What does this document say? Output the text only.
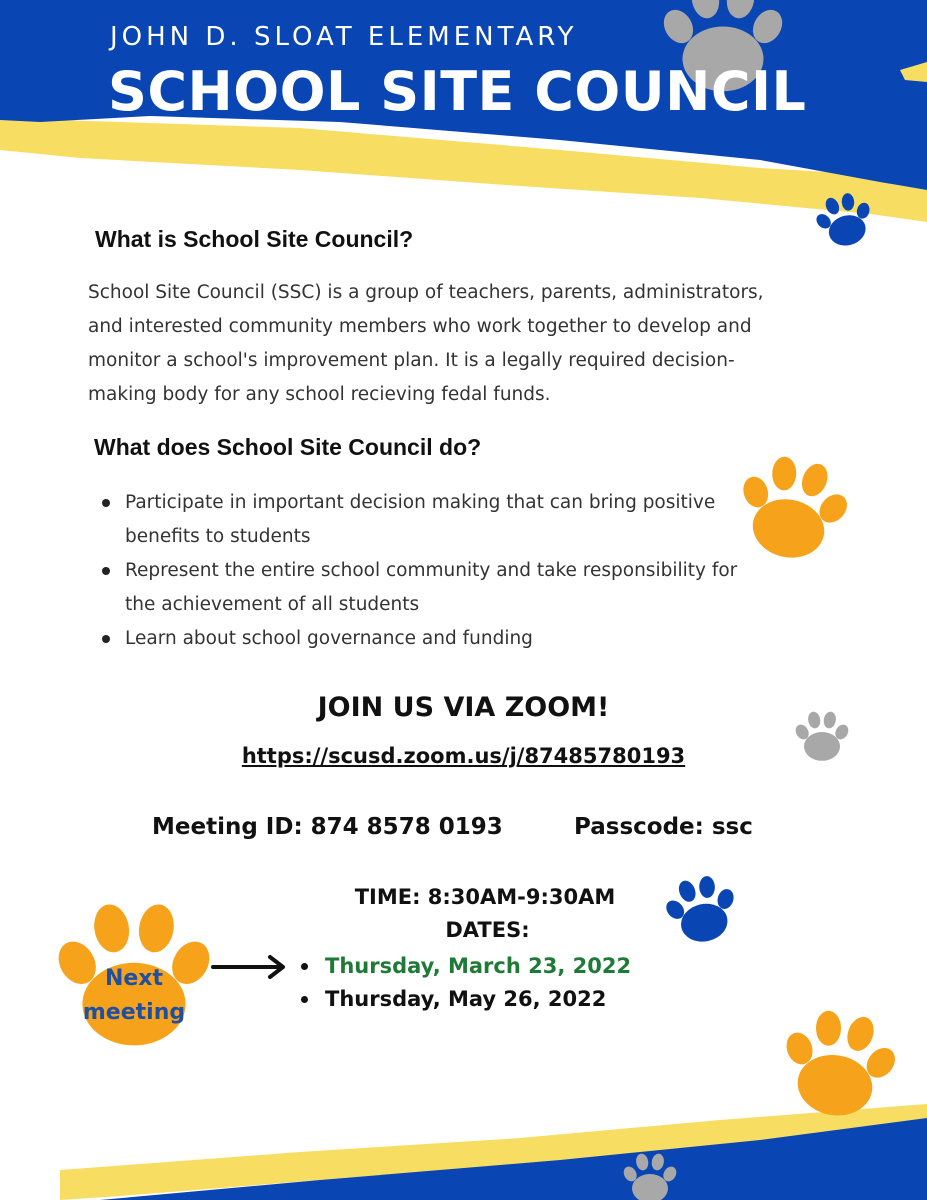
JOHN D. SLOAT ELEMENTARY
SCHOOL SITE COUNCIL
What is School Site Council?
School Site Council (SSC) is a group of teachers, parents, administrators,
and interested community members who work together to develop and
monitor a school's improvement plan. It is a legally required decision-
making body for any school recieving fedal funds.
What does School Site Council do?
Participate in important decision making that can bring positive
benefits to students
Represent the entire school community and take responsibility for
the achievement of all students
Learn about school governance and funding
JOIN US VIA ZOOM!
https://scusd.zoom.us/j/87485780193
Meeting ID: 874 8578 0193	Passcode: ssc
TIME: 8:30AM-9:30AM
DATES:
Thursday, March 23, 2022
Thursday, May 26, 2022
Next
meeting
